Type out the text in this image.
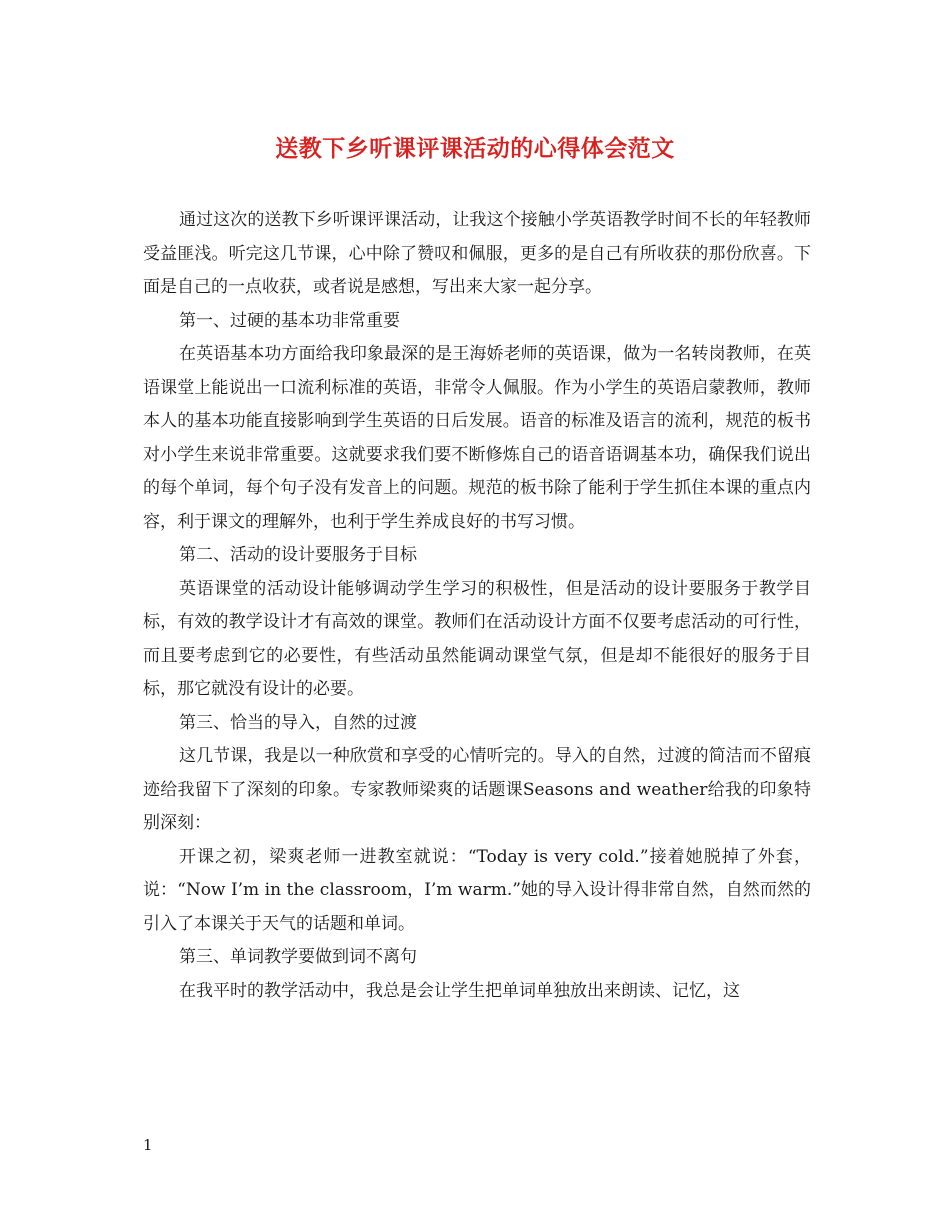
送教下乡听课评课活动的心得体会范文

通过这次的送教下乡听课评课活动，让我这个接触小学英语教学时间不长的年轻教师受益匪浅。听完这几节课，心中除了赞叹和佩服，更多的是自己有所收获的那份欣喜。下面是自己的一点收获，或者说是感想，写出来大家一起分享。

第一、过硬的基本功非常重要

在英语基本功方面给我印象最深的是王海娇老师的英语课，做为一名转岗教师，在英语课堂上能说出一口流利标准的英语，非常令人佩服。作为小学生的英语启蒙教师，教师本人的基本功能直接影响到学生英语的日后发展。语音的标准及语言的流利，规范的板书对小学生来说非常重要。这就要求我们要不断修炼自己的语音语调基本功，确保我们说出的每个单词，每个句子没有发音上的问题。规范的板书除了能利于学生抓住本课的重点内容，利于课文的理解外，也利于学生养成良好的书写习惯。

第二、活动的设计要服务于目标

英语课堂的活动设计能够调动学生学习的积极性，但是活动的设计要服务于教学目标，有效的教学设计才有高效的课堂。教师们在活动设计方面不仅要考虑活动的可行性，而且要考虑到它的必要性，有些活动虽然能调动课堂气氛，但是却不能很好的服务于目标，那它就没有设计的必要。

第三、恰当的导入，自然的过渡

这几节课，我是以一种欣赏和享受的心情听完的。导入的自然，过渡的简洁而不留痕迹给我留下了深刻的印象。专家教师梁爽的话题课Seasons and weather给我的印象特别深刻：

开课之初，梁爽老师一进教室就说：“Today is very cold.”接着她脱掉了外套，说：“Now I’m in the classroom，I’m warm.”她的导入设计得非常自然，自然而然的引入了本课关于天气的话题和单词。

第三、单词教学要做到词不离句

在我平时的教学活动中，我总是会让学生把单词单独放出来朗读、记忆，这

1
